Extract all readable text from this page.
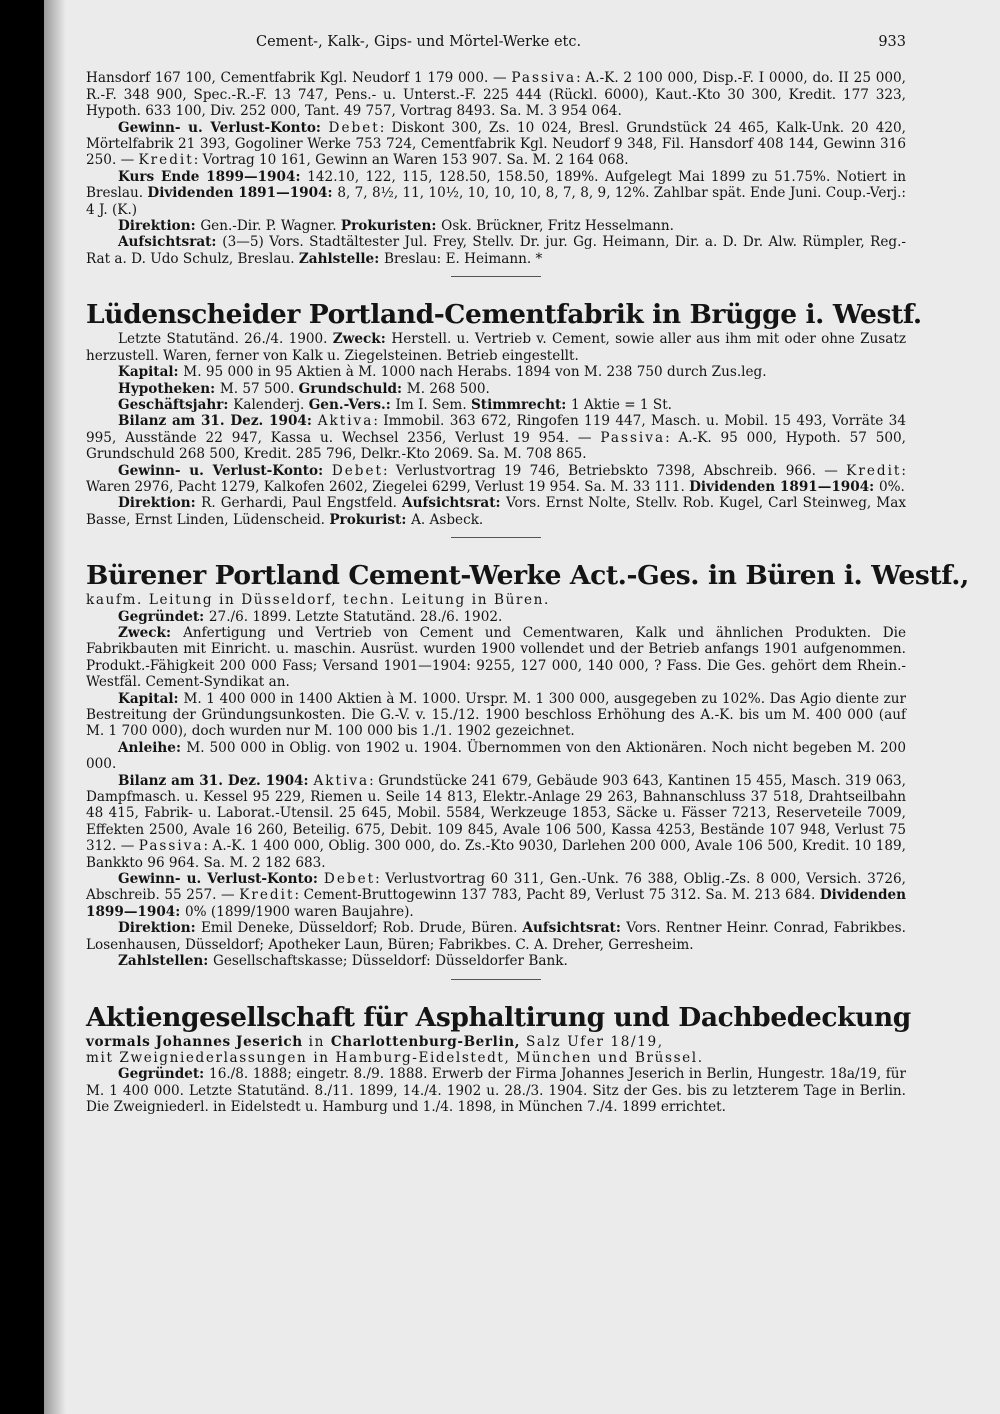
Cement-, Kalk-, Gips- und Mörtel-Werke etc.	933

Hansdorf 167 100, Cementfabrik Kgl. Neudorf 1 179 000. — Passiva: A.-K. 2 100 000, Disp.-F. I 0000, do. II 25 000, R.-F. 348 900, Spec.-R.-F. 13 747, Pens.- u. Unterst.-F. 225 444 (Rückl. 6000), Kaut.-Kto 30 300, Kredit. 177 323, Hypoth. 633 100, Div. 252 000, Tant. 49 757, Vortrag 8493. Sa. M. 3 954 064.

Gewinn- u. Verlust-Konto: Debet: Diskont 300, Zs. 10 024, Bresl. Grundstück 24 465, Kalk-Unk. 20 420, Mörtelfabrik 21 393, Gogoliner Werke 753 724, Cementfabrik Kgl. Neudorf 9 348, Fil. Hansdorf 408 144, Gewinn 316 250. — Kredit: Vortrag 10 161, Gewinn an Waren 153 907. Sa. M. 2 164 068.

Kurs Ende 1899—1904: 142.10, 122, 115, 128.50, 158.50, 189%. Aufgelegt Mai 1899 zu 51.75%. Notiert in Breslau. Dividenden 1891—1904: 8, 7, 8½, 11, 10½, 10, 10, 10, 8, 7, 8, 9, 12%. Zahlbar spät. Ende Juni. Coup.-Verj.: 4 J. (K.)

Direktion: Gen.-Dir. P. Wagner. Prokuristen: Osk. Brückner, Fritz Hesselmann.

Aufsichtsrat: (3—5) Vors. Stadtältester Jul. Frey, Stellv. Dr. jur. Gg. Heimann, Dir. a. D. Dr. Alw. Rümpler, Reg.-Rat a. D. Udo Schulz, Breslau. Zahlstelle: Breslau: E. Heimann. *

Lüdenscheider Portland-Cementfabrik in Brügge i. Westf.

Letzte Statutänd. 26./4. 1900. Zweck: Herstell. u. Vertrieb v. Cement, sowie aller aus ihm mit oder ohne Zusatz herzustell. Waren, ferner von Kalk u. Ziegelsteinen. Betrieb eingestellt.

Kapital: M. 95 000 in 95 Aktien à M. 1000 nach Herabs. 1894 von M. 238 750 durch Zus.leg.

Hypotheken: M. 57 500. Grundschuld: M. 268 500.

Geschäftsjahr: Kalenderj. Gen.-Vers.: Im I. Sem. Stimmrecht: 1 Aktie = 1 St.

Bilanz am 31. Dez. 1904: Aktiva: Immobil. 363 672, Ringofen 119 447, Masch. u. Mobil. 15 493, Vorräte 34 995, Ausstände 22 947, Kassa u. Wechsel 2356, Verlust 19 954. — Passiva: A.-K. 95 000, Hypoth. 57 500, Grundschuld 268 500, Kredit. 285 796, Delkr.-Kto 2069. Sa. M. 708 865.

Gewinn- u. Verlust-Konto: Debet: Verlustvortrag 19 746, Betriebskto 7398, Abschreib. 966. — Kredit: Waren 2976, Pacht 1279, Kalkofen 2602, Ziegelei 6299, Verlust 19 954. Sa. M. 33 111. Dividenden 1891—1904: 0%.

Direktion: R. Gerhardi, Paul Engstfeld. Aufsichtsrat: Vors. Ernst Nolte, Stellv. Rob. Kugel, Carl Steinweg, Max Basse, Ernst Linden, Lüdenscheid. Prokurist: A. Asbeck.

Bürener Portland Cement-Werke Act.-Ges. in Büren i. Westf.,

kaufm. Leitung in Düsseldorf, techn. Leitung in Büren.

Gegründet: 27./6. 1899. Letzte Statutänd. 28./6. 1902.

Zweck: Anfertigung und Vertrieb von Cement und Cementwaren, Kalk und ähnlichen Produkten. Die Fabrikbauten mit Einricht. u. maschin. Ausrüst. wurden 1900 vollendet und der Betrieb anfangs 1901 aufgenommen. Produkt.-Fähigkeit 200 000 Fass; Versand 1901—1904: 9255, 127 000, 140 000, ? Fass. Die Ges. gehört dem Rhein.-Westfäl. Cement-Syndikat an.

Kapital: M. 1 400 000 in 1400 Aktien à M. 1000. Urspr. M. 1 300 000, ausgegeben zu 102%. Das Agio diente zur Bestreitung der Gründungsunkosten. Die G.-V. v. 15./12. 1900 beschloss Erhöhung des A.-K. bis um M. 400 000 (auf M. 1 700 000), doch wurden nur M. 100 000 bis 1./1. 1902 gezeichnet.

Anleihe: M. 500 000 in Oblig. von 1902 u. 1904. Übernommen von den Aktionären. Noch nicht begeben M. 200 000.

Bilanz am 31. Dez. 1904: Aktiva: Grundstücke 241 679, Gebäude 903 643, Kantinen 15 455, Masch. 319 063, Dampfmasch. u. Kessel 95 229, Riemen u. Seile 14 813, Elektr.-Anlage 29 263, Bahnanschluss 37 518, Drahtseilbahn 48 415, Fabrik- u. Laborat.-Utensil. 25 645, Mobil. 5584, Werkzeuge 1853, Säcke u. Fässer 7213, Reserveteile 7009, Effekten 2500, Avale 16 260, Beteilig. 675, Debit. 109 845, Avale 106 500, Kassa 4253, Bestände 107 948, Verlust 75 312. — Passiva: A.-K. 1 400 000, Oblig. 300 000, do. Zs.-Kto 9030, Darlehen 200 000, Avale 106 500, Kredit. 10 189, Bankkto 96 964. Sa. M. 2 182 683.

Gewinn- u. Verlust-Konto: Debet: Verlustvortrag 60 311, Gen.-Unk. 76 388, Oblig.-Zs. 8 000, Versich. 3726, Abschreib. 55 257. — Kredit: Cement-Bruttogewinn 137 783, Pacht 89, Verlust 75 312. Sa. M. 213 684. Dividenden 1899—1904: 0% (1899/1900 waren Baujahre).

Direktion: Emil Deneke, Düsseldorf; Rob. Drude, Büren. Aufsichtsrat: Vors. Rentner Heinr. Conrad, Fabrikbes. Losenhausen, Düsseldorf; Apotheker Laun, Büren; Fabrikbes. C. A. Dreher, Gerresheim.

Zahlstellen: Gesellschaftskasse; Düsseldorf: Düsseldorfer Bank.

Aktiengesellschaft für Asphaltirung und Dachbedeckung

vormals Johannes Jeserich in Charlottenburg-Berlin, Salz Ufer 18/19,

mit Zweigniederlassungen in Hamburg-Eidelstedt, München und Brüssel.

Gegründet: 16./8. 1888; eingetr. 8./9. 1888. Erwerb der Firma Johannes Jeserich in Berlin, Hungestr. 18a/19, für M. 1 400 000. Letzte Statutänd. 8./11. 1899, 14./4. 1902 u. 28./3. 1904. Sitz der Ges. bis zu letzterem Tage in Berlin. Die Zweigniederl. in Eidelstedt u. Hamburg und 1./4. 1898, in München 7./4. 1899 errichtet.
